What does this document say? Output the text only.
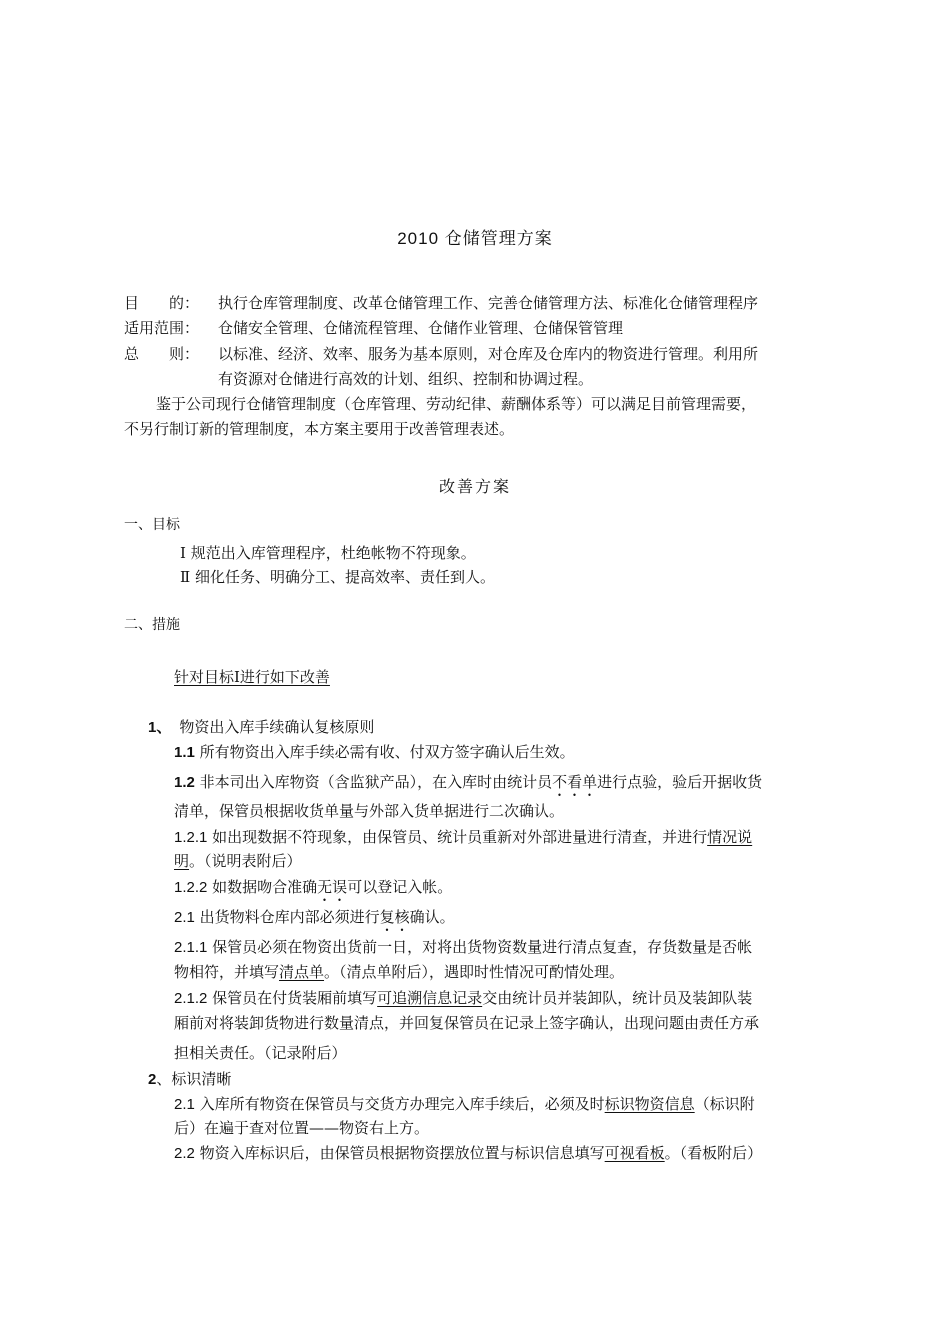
2010 仓储管理方案
目　　的： 执行仓库管理制度、改革仓储管理工作、完善仓储管理方法、标准化仓储管理程序
适用范围： 仓储安全管理、仓储流程管理、仓储作业管理、仓储保管管理
总　　则： 以标准、经济、效率、服务为基本原则，对仓库及仓库内的物资进行管理。利用所
有资源对仓储进行高效的计划、组织、控制和协调过程。
鉴于公司现行仓储管理制度（仓库管理、劳动纪律、薪酬体系等）可以满足目前管理需要，
不另行制订新的管理制度，本方案主要用于改善管理表述。
改善方案
一、目标
Ⅰ 规范出入库管理程序，杜绝帐物不符现象。
Ⅱ 细化任务、明确分工、提高效率、责任到人。
二、措施
针对目标Ⅰ进行如下改善
1、 物资出入库手续确认复核原则
1.1 所有物资出入库手续必需有收、付双方签字确认后生效。
1.2 非本司出入库物资（含监狱产品），在入库时由统计员不看单进行点验，验后开据收货
清单，保管员根据收货单量与外部入货单据进行二次确认。
1.2.1 如出现数据不符现象，由保管员、统计员重新对外部进量进行清查，并进行情况说
明。（说明表附后）
1.2.2 如数据吻合准确无误可以登记入帐。
2.1 出货物料仓库内部必须进行复核确认。
2.1.1 保管员必须在物资出货前一日，对将出货物资数量进行清点复查，存货数量是否帐
物相符，并填写清点单。（清点单附后），遇即时性情况可酌情处理。
2.1.2 保管员在付货装厢前填写可追溯信息记录交由统计员并装卸队，统计员及装卸队装
厢前对将装卸货物进行数量清点，并回复保管员在记录上签字确认，出现问题由责任方承
担相关责任。（记录附后）
2、标识清晰
2.1 入库所有物资在保管员与交货方办理完入库手续后，必须及时标识物资信息（标识附
后）在遍于查对位置——物资右上方。
2.2 物资入库标识后，由保管员根据物资摆放位置与标识信息填写可视看板。（看板附后）
